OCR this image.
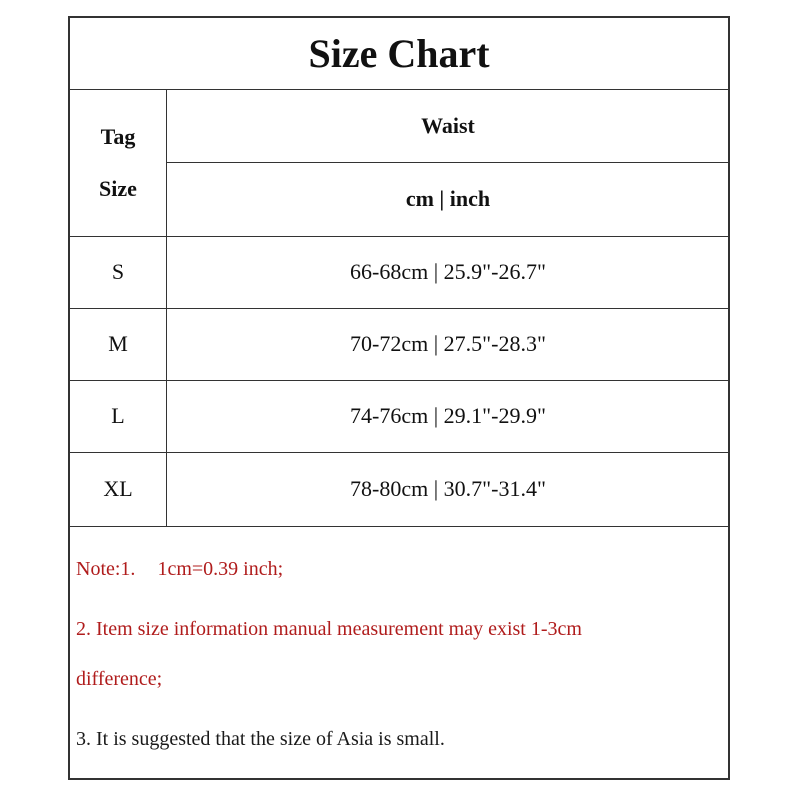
Size Chart
Tag
Size
Waist
cm | inch
S	66-68cm | 25.9"-26.7"
M	70-72cm | 27.5"-28.3"
L	74-76cm | 29.1"-29.9"
XL	78-80cm | 30.7"-31.4"
Note:1. 1cm=0.39 inch;
2. Item size information manual measurement may exist 1-3cm
difference;
3. It is suggested that the size of Asia is small.
